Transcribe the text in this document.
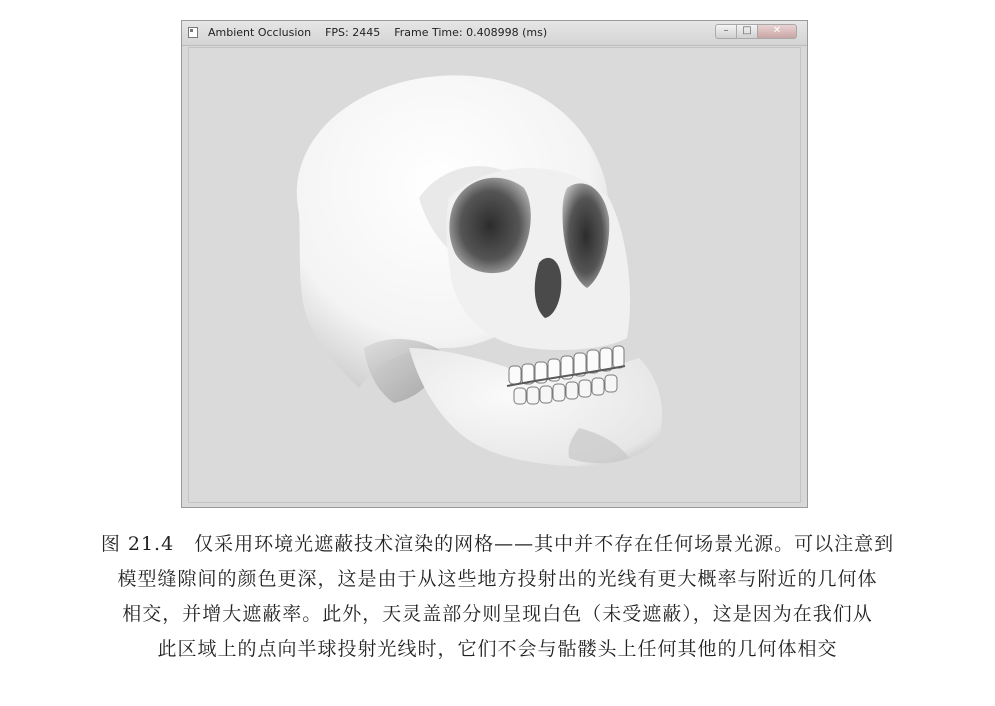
Ambient Occlusion    FPS: 2445    Frame Time: 0.408998 (ms)	–	□	✕
图 21.4　仅采用环境光遮蔽技术渲染的网格——其中并不存在任何场景光源。可以注意到
模型缝隙间的颜色更深，这是由于从这些地方投射出的光线有更大概率与附近的几何体
相交，并增大遮蔽率。此外，天灵盖部分则呈现白色（未受遮蔽），这是因为在我们从
此区域上的点向半球投射光线时，它们不会与骷髅头上任何其他的几何体相交
